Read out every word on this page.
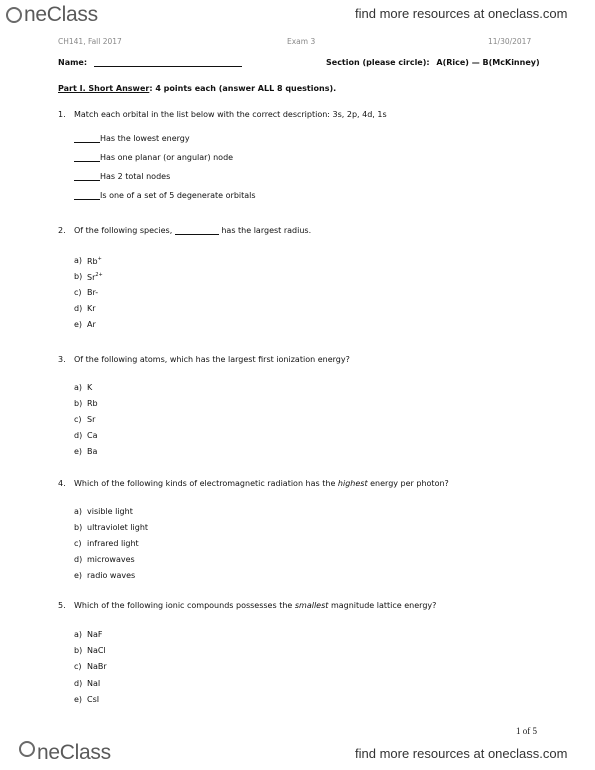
neClass	find more resources at oneclass.com
CH141, Fall 2017	Exam 3	11/30/2017
Name:	Section (please circle): A(Rice) — B(McKinney)
Part I. Short Answer: 4 points each (answer ALL 8 questions).
1. Match each orbital in the list below with the correct description: 3s, 2p, 4d, 1s
Has the lowest energy
Has one planar (or angular) node
Has 2 total nodes
Is one of a set of 5 degenerate orbitals
2. Of the following species,	has the largest radius.
a) Rb+
b) $Sr^{2+}$
c) Br-
d) Kr
e) Ar
3. Of the following atoms, which has the largest first ionization energy?
a) K
b) Rb
c) Sr
d) Ca
e) Ba
4. Which of the following kinds of electromagnetic radiation has the highest energy per photon?
a) visible light
b) ultraviolet light
c) infrared light
d) microwaves
e) radio waves
5. Which of the following ionic compounds possesses the smallest magnitude lattice energy?
a) NaF
b) NaCl
c) NaBr
d) NaI
e) CsI
1 of 5
neClass	find more resources at oneclass.com
